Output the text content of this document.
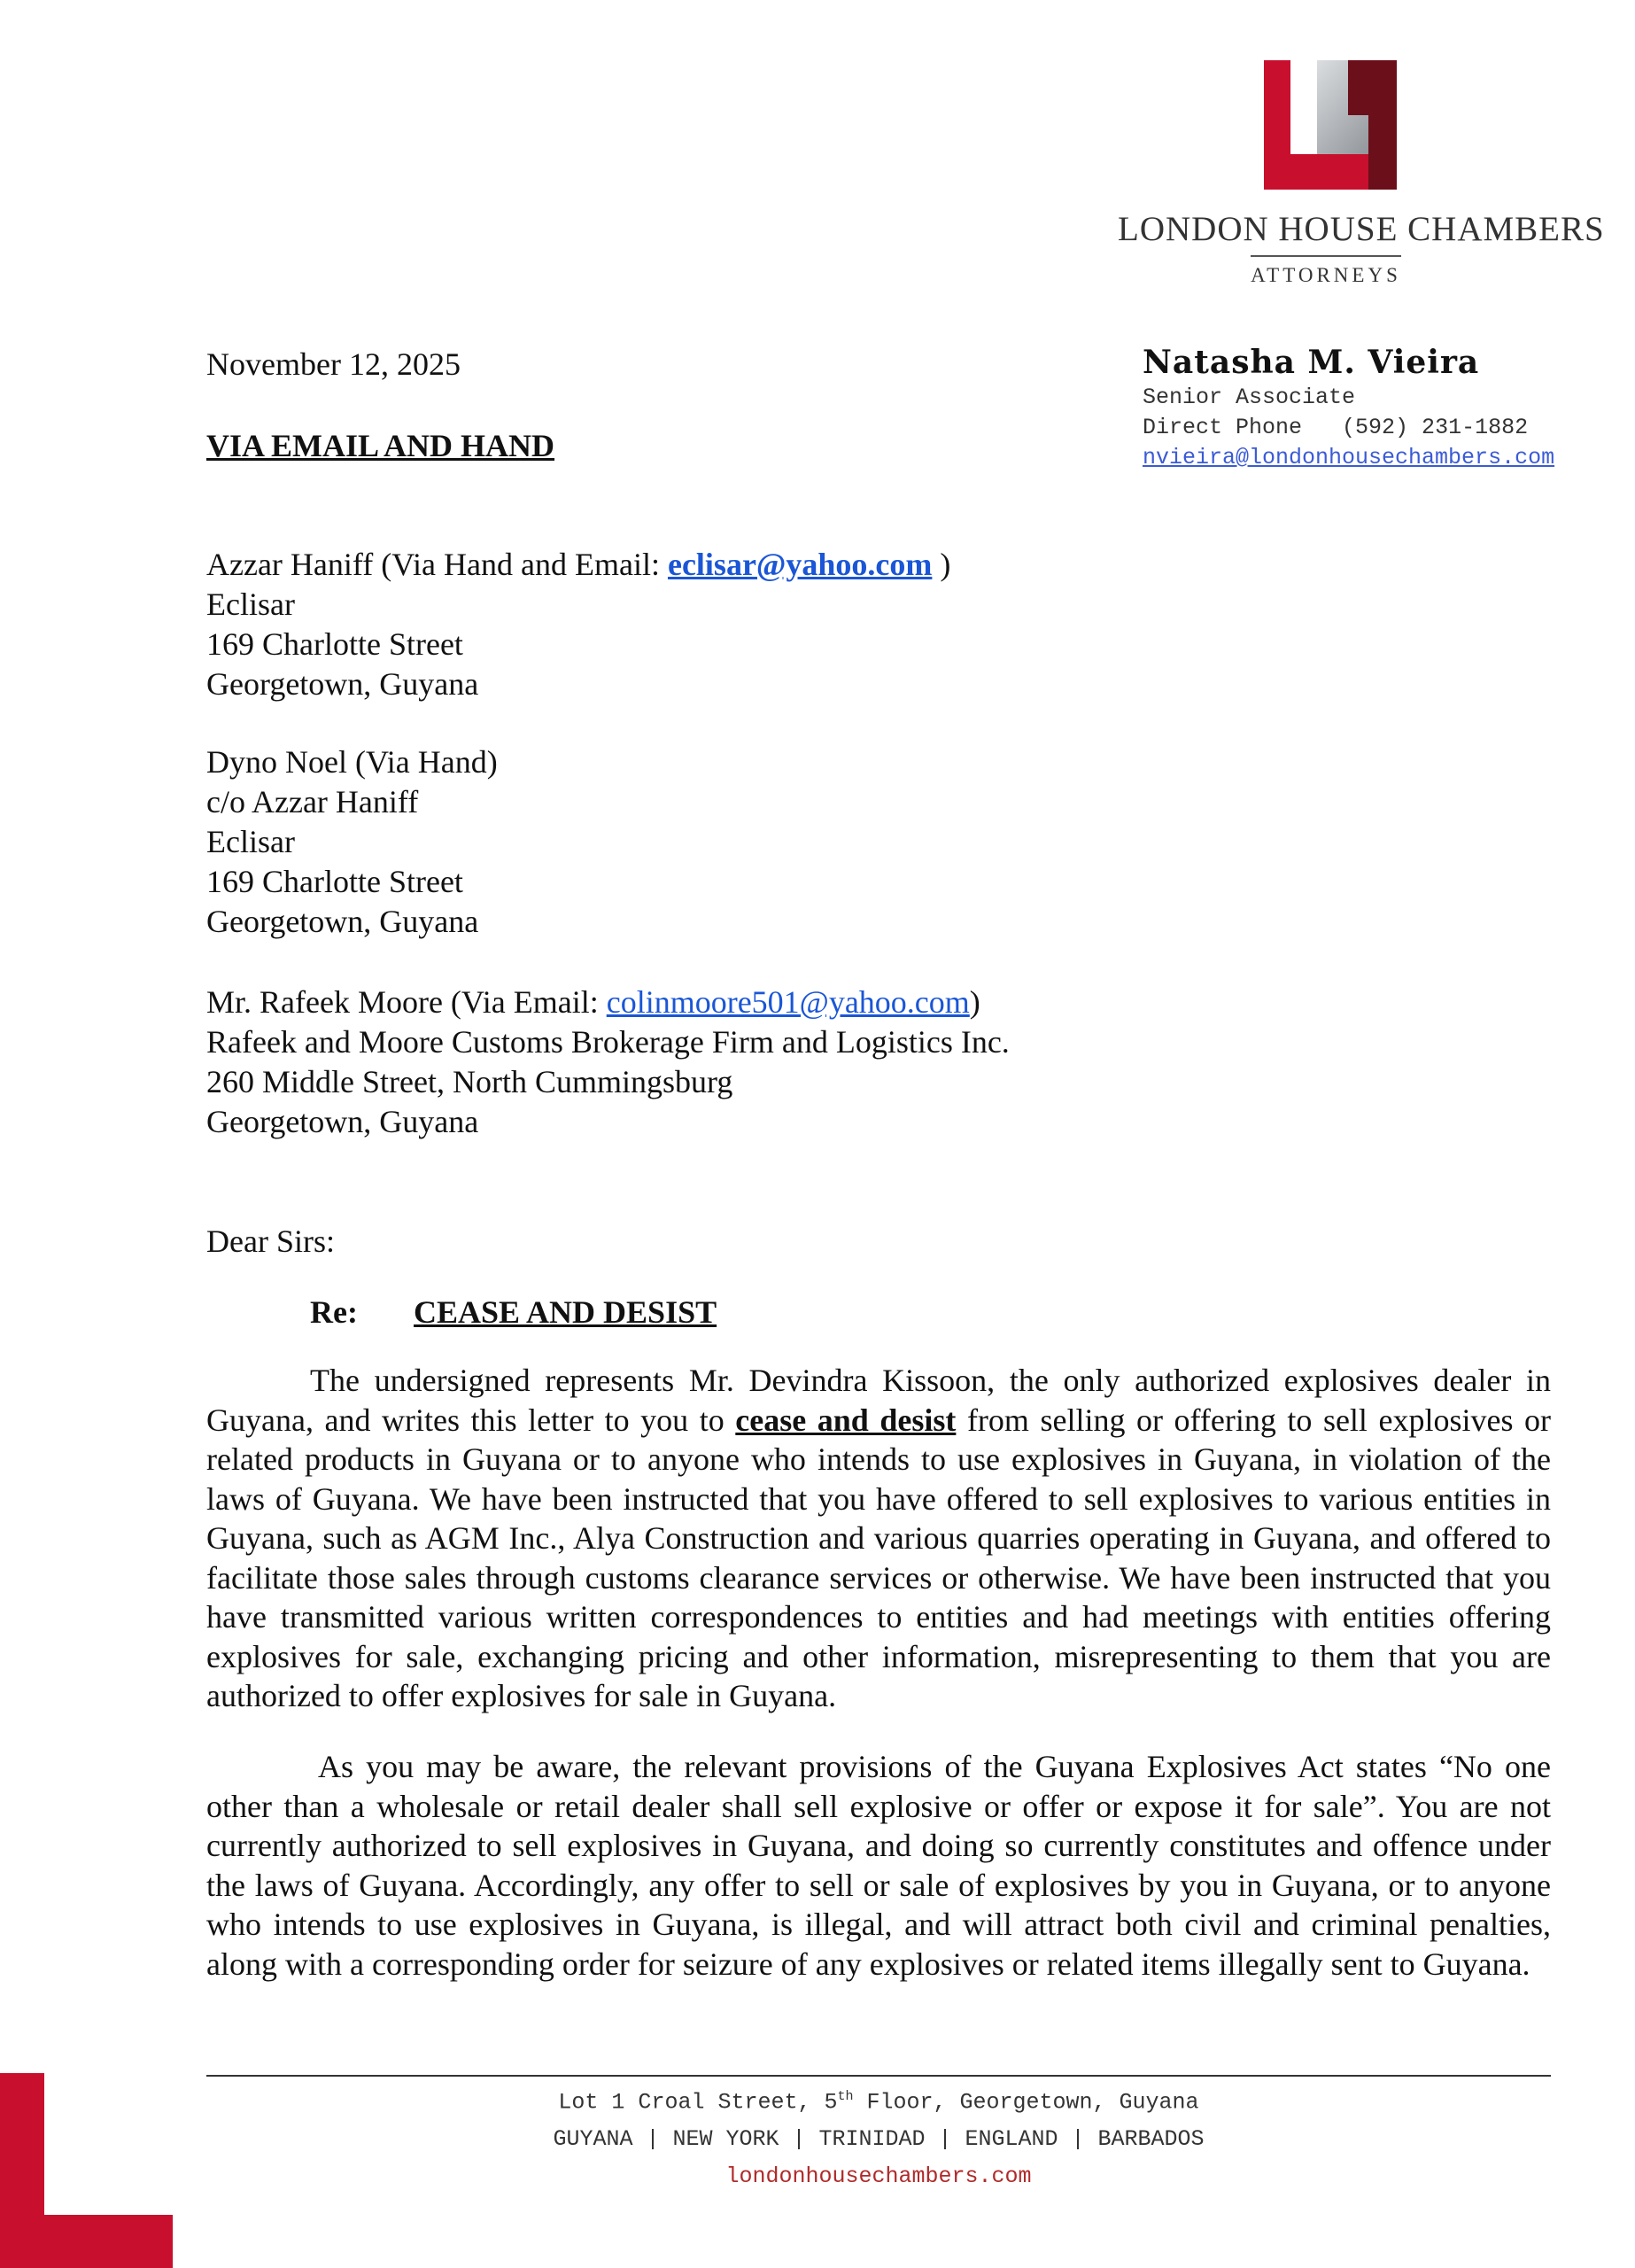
LONDON HOUSE CHAMBERS
ATTORNEYS
November 12, 2025
VIA EMAIL AND HAND
Natasha M. Vieira
Senior Associate
Direct Phone (592) 231-1882
nvieira@londonhousechambers.com
Azzar Haniff (Via Hand and Email: eclisar@yahoo.com )
Eclisar
169 Charlotte Street
Georgetown, Guyana
Dyno Noel (Via Hand)
c/o Azzar Haniff
Eclisar
169 Charlotte Street
Georgetown, Guyana
Mr. Rafeek Moore (Via Email: colinmoore501@yahoo.com)
Rafeek and Moore Customs Brokerage Firm and Logistics Inc.
260 Middle Street, North Cummingsburg
Georgetown, Guyana
Dear Sirs:
Re: CEASE AND DESIST

The undersigned represents Mr. Devindra Kissoon, the only authorized explosives dealer in Guyana, and writes this letter to you to cease and desist from selling or offering to sell explosives or related products in Guyana or to anyone who intends to use explosives in Guyana, in violation of the laws of Guyana. We have been instructed that you have offered to sell explosives to various entities in Guyana, such as AGM Inc., Alya Construction and various quarries operating in Guyana, and offered to facilitate those sales through customs clearance services or otherwise. We have been instructed that you have transmitted various written correspondences to entities and had meetings with entities offering explosives for sale, exchanging pricing and other information, misrepresenting to them that you are authorized to offer explosives for sale in Guyana.

As you may be aware, the relevant provisions of the Guyana Explosives Act states “No one other than a wholesale or retail dealer shall sell explosive or offer or expose it for sale”. You are not currently authorized to sell explosives in Guyana, and doing so currently constitutes and offence under the laws of Guyana. Accordingly, any offer to sell or sale of explosives by you in Guyana, or to anyone who intends to use explosives in Guyana, is illegal, and will attract both civil and criminal penalties, along with a corresponding order for seizure of any explosives or related items illegally sent to Guyana.

Lot 1 Croal Street, 5th Floor, Georgetown, Guyana
GUYANA | NEW YORK | TRINIDAD | ENGLAND | BARBADOS
londonhousechambers.com
